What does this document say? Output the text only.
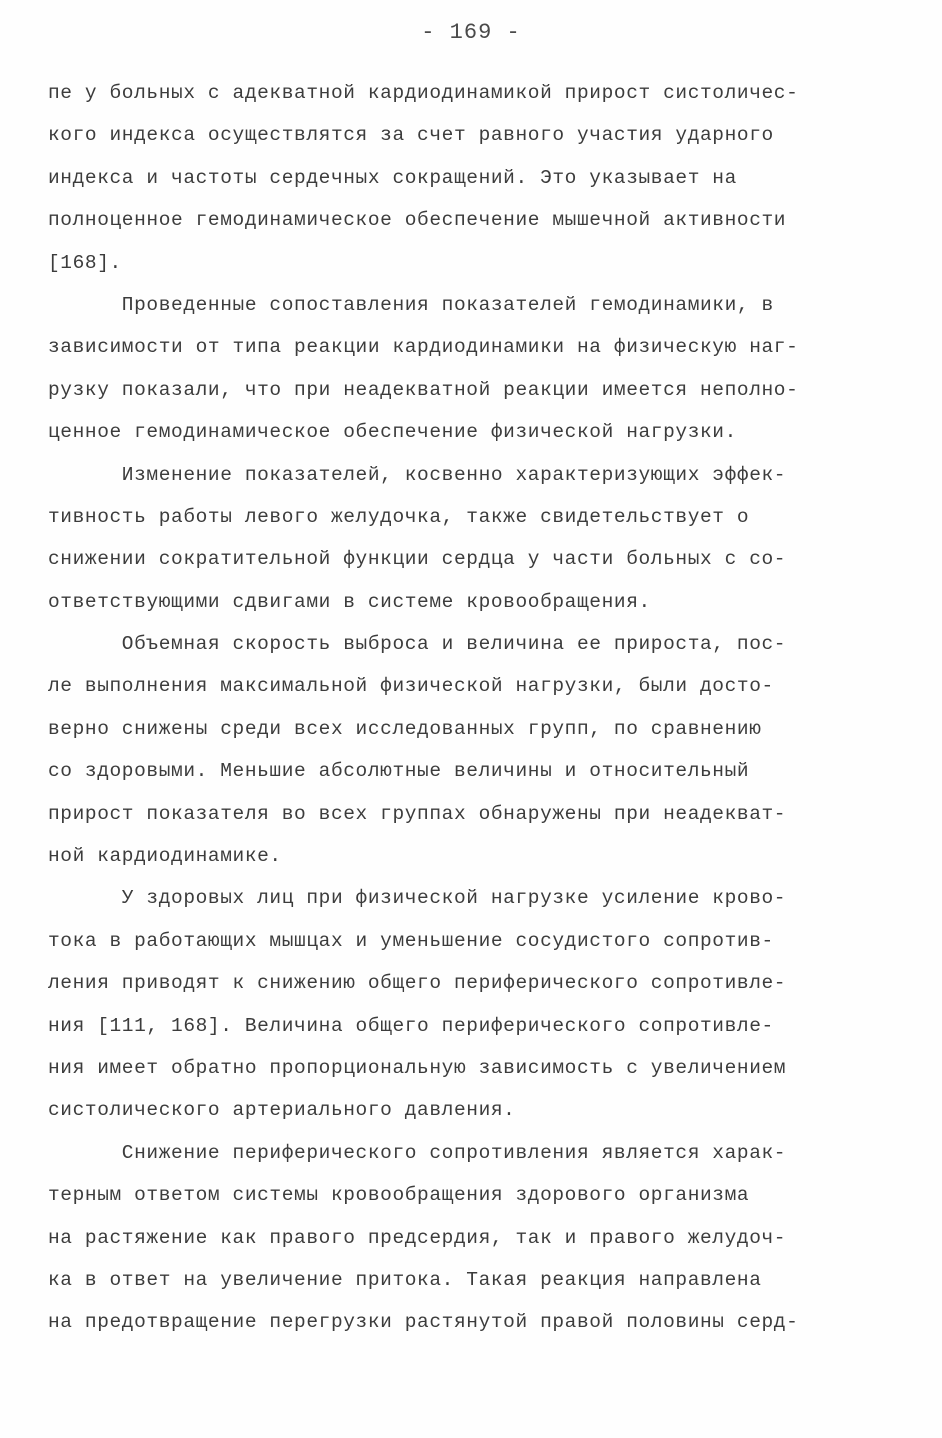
- 169 -
пе у больных с адекватной кардиодинамикой прирост систоличес-
кого индекса осуществлятся за счет равного участия ударного
индекса и частоты сердечных сокращений. Это указывает на
полноценное гемодинамическое обеспечение мышечной активности
[168].
Проведенные сопоставления показателей гемодинамики, в
зависимости от типа реакции кардиодинамики на физическую наг-
рузку показали, что при неадекватной реакции имеется неполно-
ценное гемодинамическое обеспечение физической нагрузки.
Изменение показателей, косвенно характеризующих эффек-
тивность работы левого желудочка, также свидетельствует о
снижении сократительной функции сердца у части больных с со-
ответствующими сдвигами в системе кровообращения.
Объемная скорость выброса и величина ее прироста, пос-
ле выполнения максимальной физической нагрузки, были досто-
верно снижены среди всех исследованных групп, по сравнению
со здоровыми. Меньшие абсолютные величины и относительный
прирост показателя во всех группах обнаружены при неадекват-
ной кардиодинамике.
У здоровых лиц при физической нагрузке усиление крово-
тока в работающих мышцах и уменьшение сосудистого сопротив-
ления приводят к снижению общего периферического сопротивле-
ния [111, 168]. Величина общего периферического сопротивле-
ния имеет обратно пропорциональную зависимость с увеличением
систолического артериального давления.
Снижение периферического сопротивления является харак-
терным ответом системы кровообращения здорового организма
на растяжение как правого предсердия, так и правого желудоч-
ка в ответ на увеличение притока. Такая реакция направлена
на предотвращение перегрузки растянутой правой половины серд-
